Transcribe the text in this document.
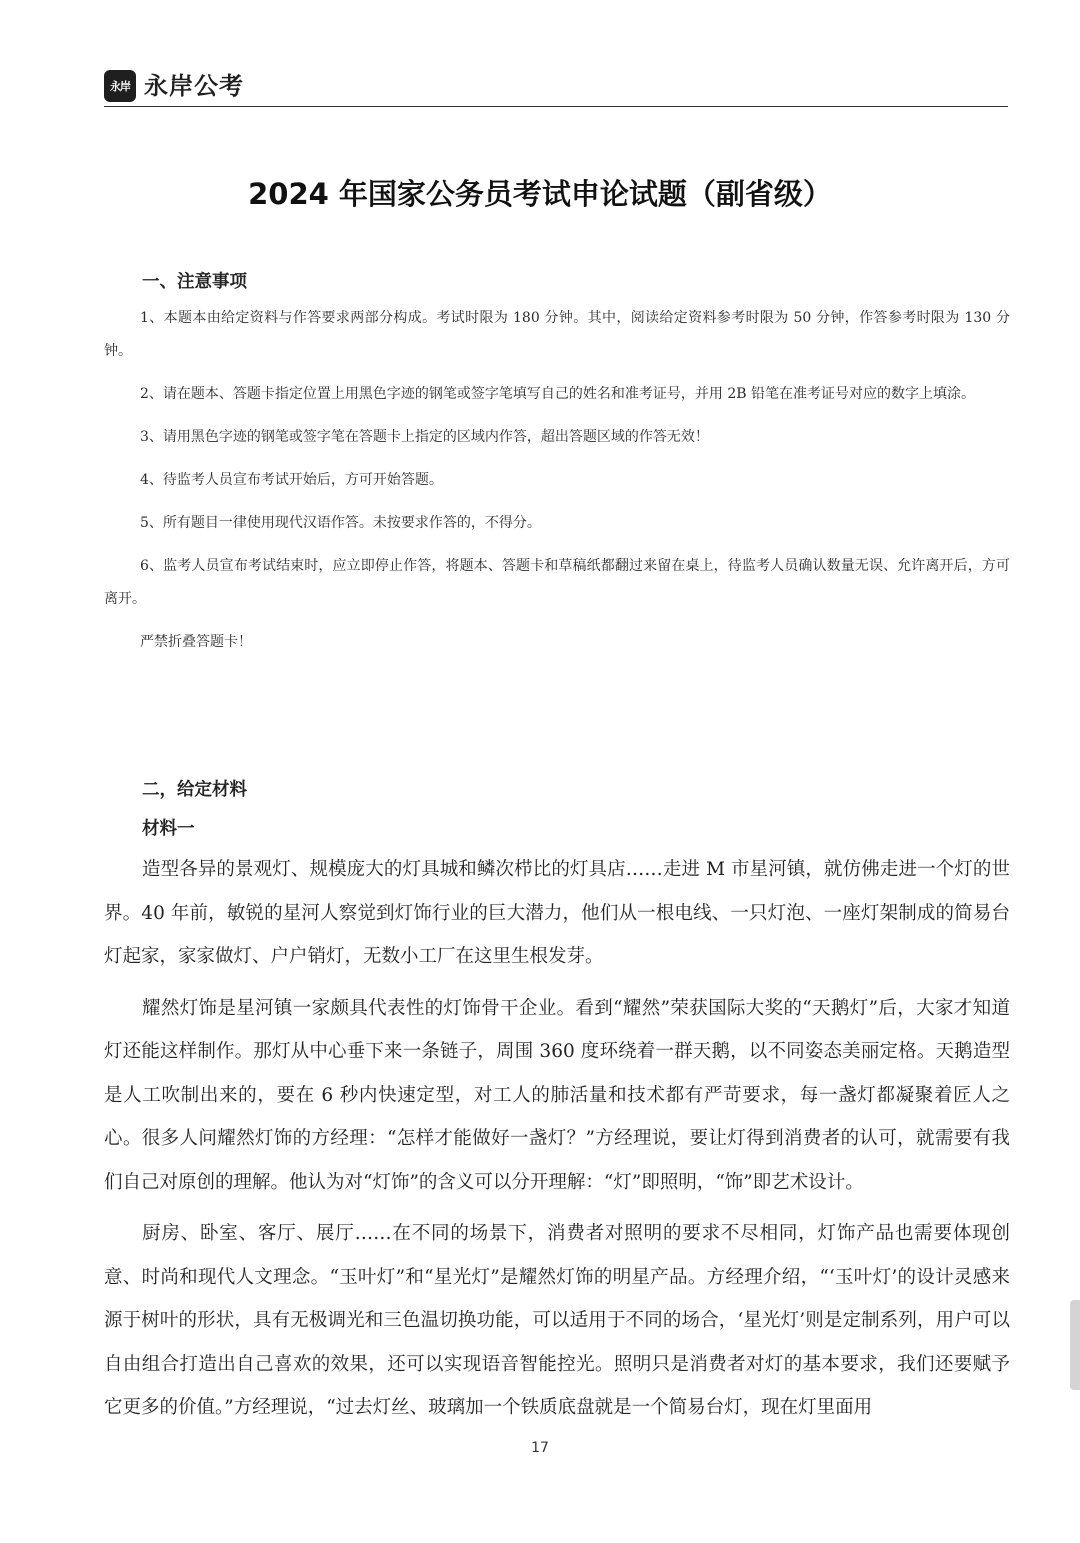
永岸 永岸公考
2024 年国家公务员考试申论试题（副省级）
一、注意事项

1、本题本由给定资料与作答要求两部分构成。考试时限为 180 分钟。其中，阅读给定资料参考时限为 50 分钟，作答参考时限为 130 分钟。

2、请在题本、答题卡指定位置上用黑色字迹的钢笔或签字笔填写自己的姓名和准考证号，并用 2B 铅笔在准考证号对应的数字上填涂。

3、请用黑色字迹的钢笔或签字笔在答题卡上指定的区域内作答，超出答题区域的作答无效！

4、待监考人员宣布考试开始后，方可开始答题。

5、所有题目一律使用现代汉语作答。未按要求作答的，不得分。

6、监考人员宣布考试结束时，应立即停止作答，将题本、答题卡和草稿纸都翻过来留在桌上，待监考人员确认数量无误、允许离开后，方可离开。

严禁折叠答题卡！

二，给定材料
材料一

造型各异的景观灯、规模庞大的灯具城和鳞次栉比的灯具店……走进 M 市星河镇，就仿佛走进一个灯的世界。40 年前，敏锐的星河人察觉到灯饰行业的巨大潜力，他们从一根电线、一只灯泡、一座灯架制成的简易台灯起家，家家做灯、户户销灯，无数小工厂在这里生根发芽。

耀然灯饰是星河镇一家颇具代表性的灯饰骨干企业。看到“耀然”荣获国际大奖的“天鹅灯”后，大家才知道灯还能这样制作。那灯从中心垂下来一条链子，周围 360 度环绕着一群天鹅，以不同姿态美丽定格。天鹅造型是人工吹制出来的，要在 6 秒内快速定型，对工人的肺活量和技术都有严苛要求，每一盏灯都凝聚着匠人之心。很多人问耀然灯饰的方经理：“怎样才能做好一盏灯？”方经理说，要让灯得到消费者的认可，就需要有我们自己对原创的理解。他认为对“灯饰”的含义可以分开理解：“灯”即照明，“饰”即艺术设计。

厨房、卧室、客厅、展厅……在不同的场景下，消费者对照明的要求不尽相同，灯饰产品也需要体现创意、时尚和现代人文理念。“玉叶灯”和“星光灯”是耀然灯饰的明星产品。方经理介绍，“‘玉叶灯’的设计灵感来源于树叶的形状，具有无极调光和三色温切换功能，可以适用于不同的场合，‘星光灯’则是定制系列，用户可以自由组合打造出自己喜欢的效果，还可以实现语音智能控光。照明只是消费者对灯的基本要求，我们还要赋予它更多的价值。”方经理说，“过去灯丝、玻璃加一个铁质底盘就是一个简易台灯，现在灯里面用

17
